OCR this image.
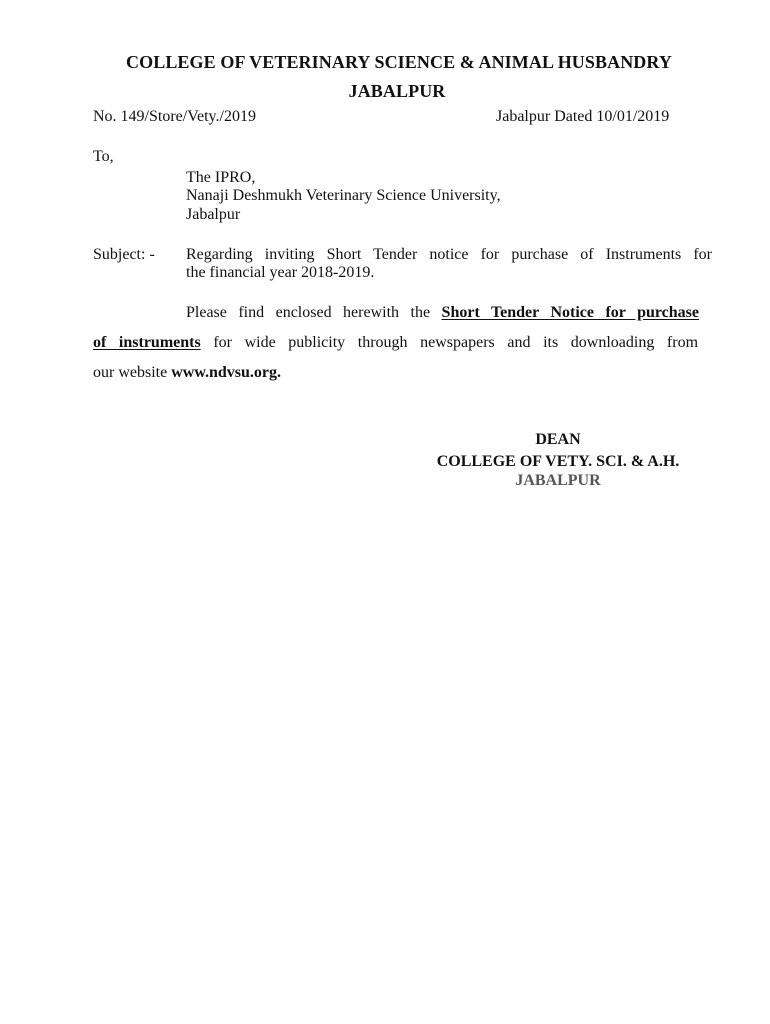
COLLEGE OF VETERINARY SCIENCE & ANIMAL HUSBANDRY
JABALPUR
No. 149/Store/Vety./2019	Jabalpur Dated 10/01/2019
To,
The IPRO,
Nanaji Deshmukh Veterinary Science University,
Jabalpur
Subject: - Regarding inviting Short Tender notice for purchase of Instruments for
the financial year 2018-2019.
Please find enclosed herewith the Short Tender Notice for purchase
of instruments for wide publicity through newspapers and its downloading from
our website www.ndvsu.org.
DEAN
COLLEGE OF VETY. SCI. & A.H.
JABALPUR
